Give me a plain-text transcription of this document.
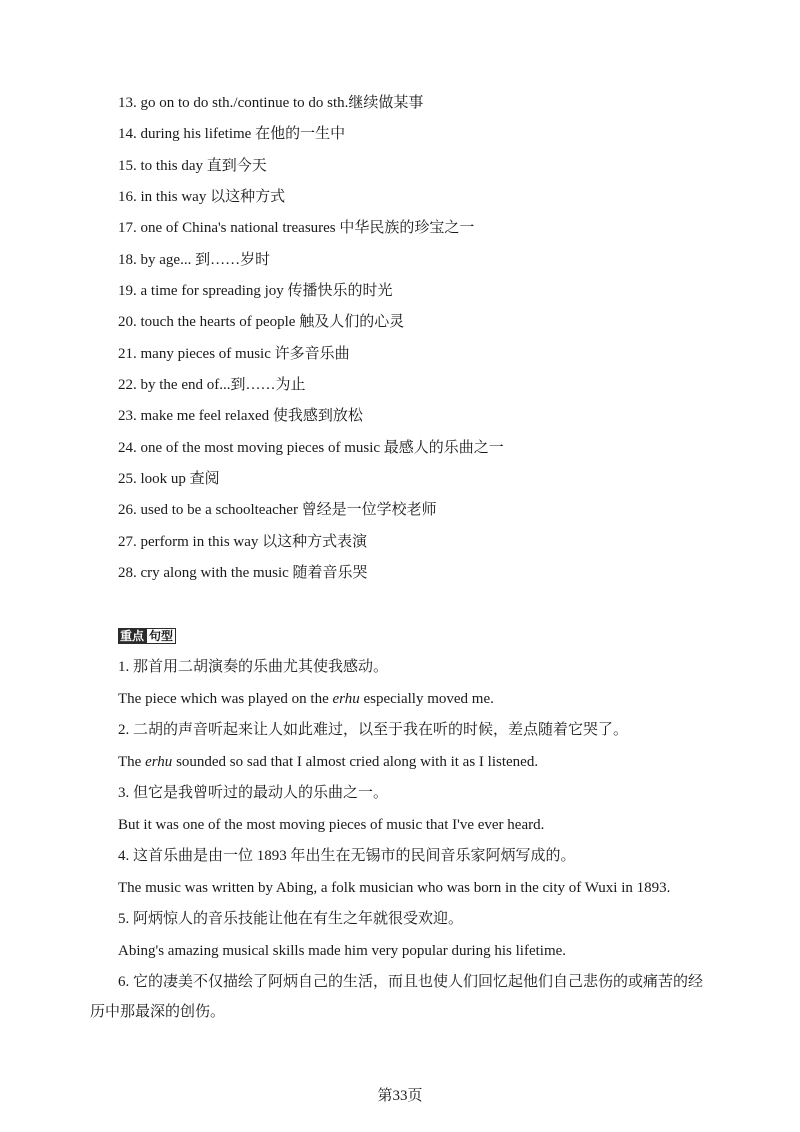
13. go on to do sth./continue to do sth.继续做某事
14. during his lifetime 在他的一生中
15. to this day 直到今天
16. in this way 以这种方式
17. one of China's national treasures 中华民族的珍宝之一
18. by age... 到……岁时
19. a time for spreading joy 传播快乐的时光
20. touch the hearts of people 触及人们的心灵
21. many pieces of music 许多音乐曲
22. by the end of...到……为止
23. make me feel relaxed 使我感到放松
24. one of the most moving pieces of music 最感人的乐曲之一
25. look up 查阅
26. used to be a schoolteacher 曾经是一位学校老师
27. perform in this way 以这种方式表演
28. cry along with the music 随着音乐哭
重点 句型
1. 那首用二胡演奏的乐曲尤其使我感动。
The piece which was played on the erhu especially moved me.
2. 二胡的声音听起来让人如此难过，以至于我在听的时候，差点随着它哭了。
The erhu sounded so sad that I almost cried along with it as I listened.
3. 但它是我曾听过的最动人的乐曲之一。
But it was one of the most moving pieces of music that I've ever heard.
4. 这首乐曲是由一位 1893 年出生在无锡市的民间音乐家阿炳写成的。
The music was written by Abing, a folk musician who was born in the city of Wuxi in 1893.
5. 阿炳惊人的音乐技能让他在有生之年就很受欢迎。
Abing's amazing musical skills made him very popular during his lifetime.
6. 它的凄美不仅描绘了阿炳自己的生活，而且也使人们回忆起他们自己悲伤的或痛苦的经历中那最深的创伤。
第33页
